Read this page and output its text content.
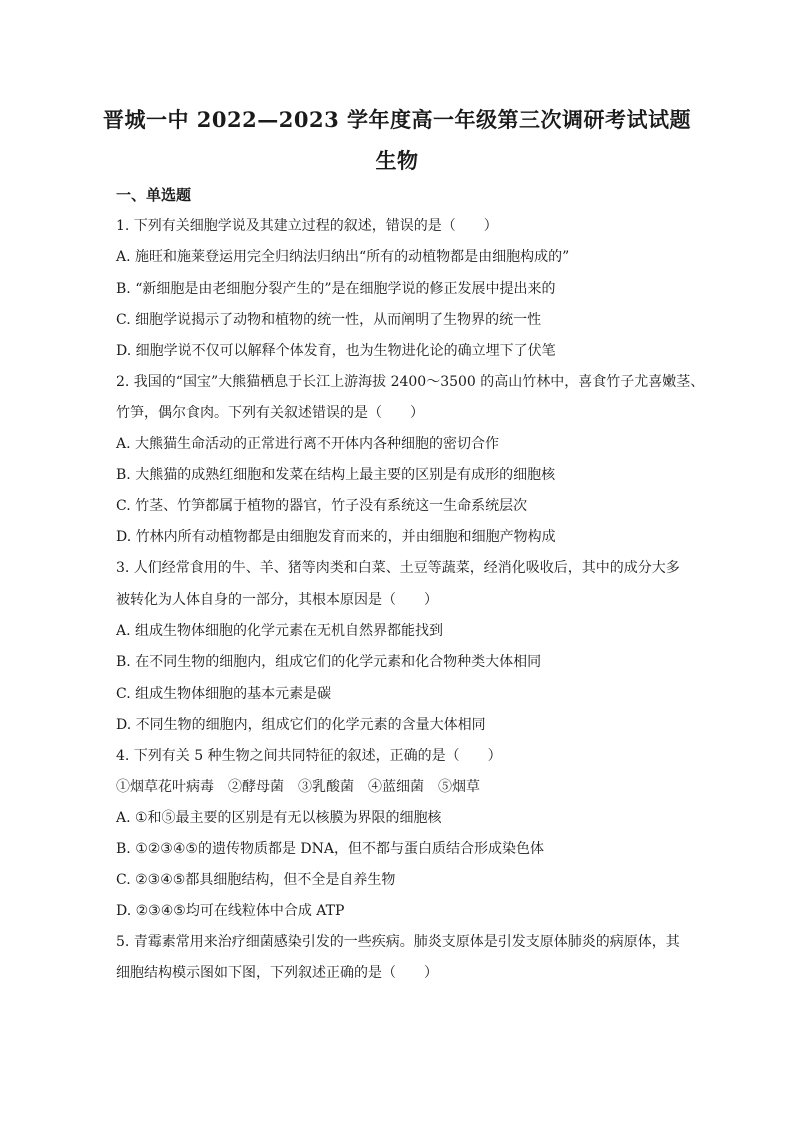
晋城一中 2022—2023 学年度高一年级第三次调研考试试题
生物
一、单选题
1. 下列有关细胞学说及其建立过程的叙述，错误的是（　　）
A. 施旺和施莱登运用完全归纳法归纳出“所有的动植物都是由细胞构成的”
B. “新细胞是由老细胞分裂产生的”是在细胞学说的修正发展中提出来的
C. 细胞学说揭示了动物和植物的统一性，从而阐明了生物界的统一性
D. 细胞学说不仅可以解释个体发育，也为生物进化论的确立埋下了伏笔
2. 我国的“国宝”大熊猫栖息于长江上游海拔 2400～3500 的高山竹林中，喜食竹子尤喜嫩茎、
竹笋，偶尔食肉。下列有关叙述错误的是（　　）
A. 大熊猫生命活动的正常进行离不开体内各种细胞的密切合作
B. 大熊猫的成熟红细胞和发菜在结构上最主要的区别是有成形的细胞核
C. 竹茎、竹笋都属于植物的器官，竹子没有系统这一生命系统层次
D. 竹林内所有动植物都是由细胞发育而来的，并由细胞和细胞产物构成
3. 人们经常食用的牛、羊、猪等肉类和白菜、土豆等蔬菜，经消化吸收后，其中的成分大多
被转化为人体自身的一部分，其根本原因是（　　）
A. 组成生物体细胞的化学元素在无机自然界都能找到
B. 在不同生物的细胞内，组成它们的化学元素和化合物种类大体相同
C. 组成生物体细胞的基本元素是碳
D. 不同生物的细胞内，组成它们的化学元素的含量大体相同
4. 下列有关 5 种生物之间共同特征的叙述，正确的是（　　）
①烟草花叶病毒　②酵母菌　③乳酸菌　④蓝细菌　⑤烟草
A. ①和⑤最主要的区别是有无以核膜为界限的细胞核
B. ①②③④⑤的遗传物质都是 DNA，但不都与蛋白质结合形成染色体
C. ②③④⑤都具细胞结构，但不全是自养生物
D. ②③④⑤均可在线粒体中合成 ATP
5. 青霉素常用来治疗细菌感染引发的一些疾病。肺炎支原体是引发支原体肺炎的病原体，其
细胞结构模示图如下图，下列叙述正确的是（　　）
